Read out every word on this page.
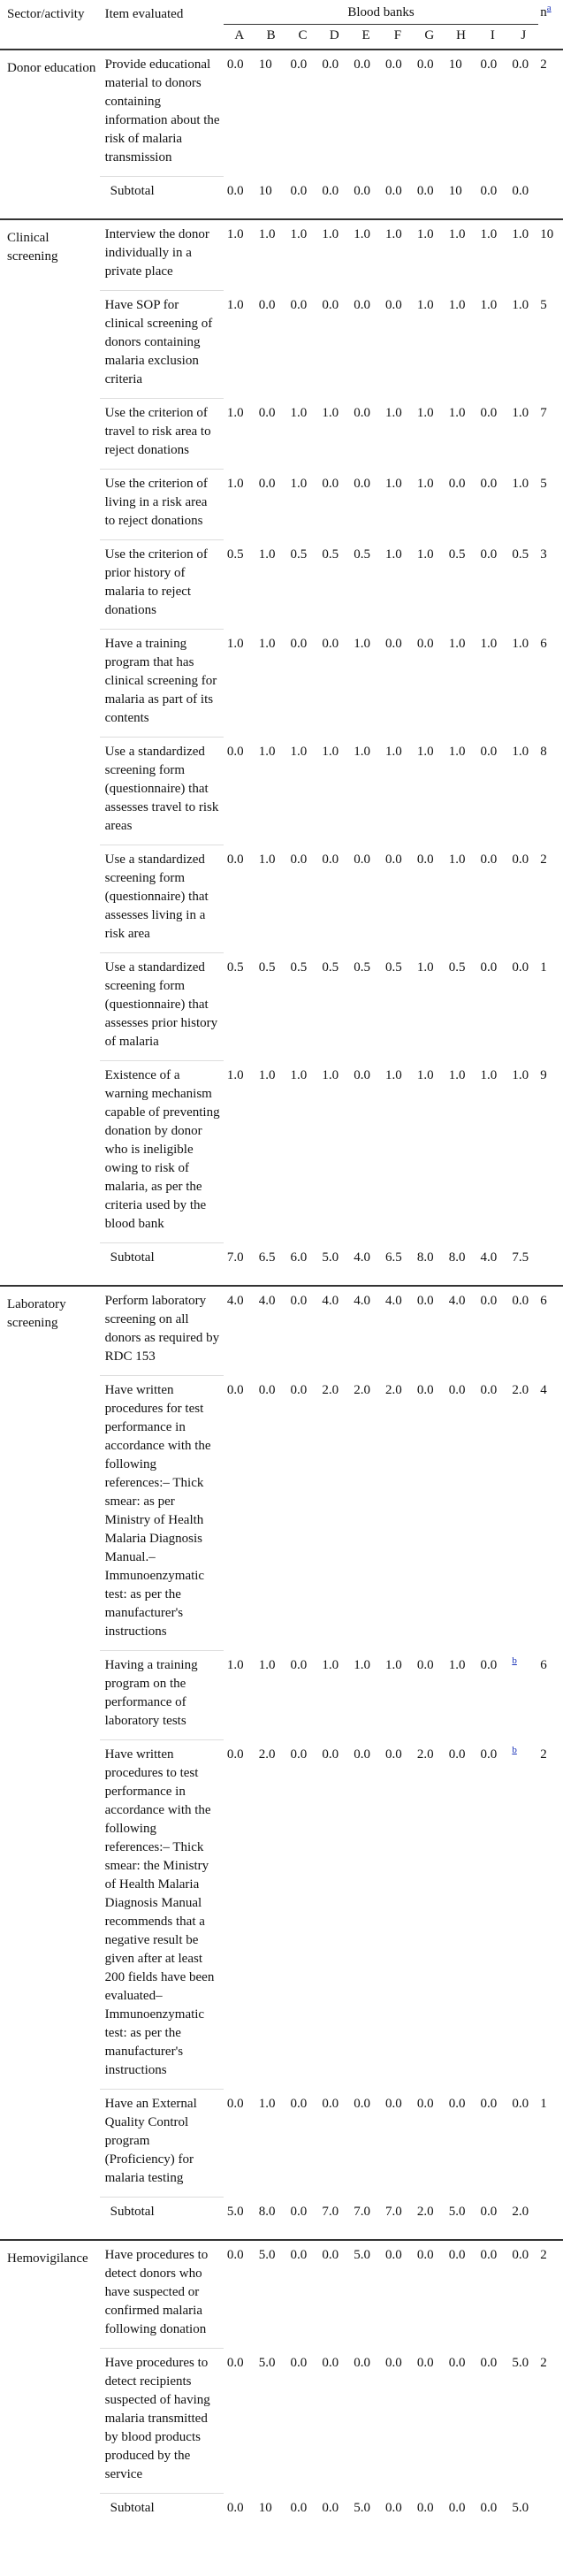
Sector/activity	Item evaluated	Blood banks										n$^a$
		A	B	C	D	E	F	G	H	I	J	
Donor education	Provide educational material to donors containing information about the risk of malaria transmission	0.0	10	0.0	0.0	0.0	0.0	0.0	10	0.0	0.0	2
	Subtotal	0.0	10	0.0	0.0	0.0	0.0	0.0	10	0.0	0.0	

Clinical screening	Interview the donor individually in a private place	1.0	1.0	1.0	1.0	1.0	1.0	1.0	1.0	1.0	1.0	10
	Have SOP for clinical screening of donors containing malaria exclusion criteria	1.0	0.0	0.0	0.0	0.0	0.0	1.0	1.0	1.0	1.0	5
	Use the criterion of travel to risk area to reject donations	1.0	0.0	1.0	1.0	0.0	1.0	1.0	1.0	0.0	1.0	7
	Use the criterion of living in a risk area to reject donations	1.0	0.0	1.0	0.0	0.0	1.0	1.0	0.0	0.0	1.0	5
	Use the criterion of prior history of malaria to reject donations	0.5	1.0	0.5	0.5	0.5	1.0	1.0	0.5	0.0	0.5	3
	Have a training program that has clinical screening for malaria as part of its contents	1.0	1.0	0.0	0.0	1.0	0.0	0.0	1.0	1.0	1.0	6
	Use a standardized screening form (questionnaire) that assesses travel to risk areas	0.0	1.0	1.0	1.0	1.0	1.0	1.0	1.0	0.0	1.0	8
	Use a standardized screening form (questionnaire) that assesses living in a risk area	0.0	1.0	0.0	0.0	0.0	0.0	0.0	1.0	0.0	0.0	2
	Use a standardized screening form (questionnaire) that assesses prior history of malaria	0.5	0.5	0.5	0.5	0.5	0.5	1.0	0.5	0.0	0.0	1
	Existence of a warning mechanism capable of preventing donation by donor who is ineligible owing to risk of malaria, as per the criteria used by the blood bank	1.0	1.0	1.0	1.0	0.0	1.0	1.0	1.0	1.0	1.0	9
	Subtotal	7.0	6.5	6.0	5.0	4.0	6.5	8.0	8.0	4.0	7.5	

Laboratory screening	Perform laboratory screening on all donors as required by RDC 153	4.0	4.0	0.0	4.0	4.0	4.0	0.0	4.0	0.0	0.0	6
	Have written procedures for test performance in accordance with the following references:– Thick smear: as per Ministry of Health Malaria Diagnosis Manual.– Immunoenzymatic test: as per the manufacturer's instructions	0.0	0.0	0.0	2.0	2.0	2.0	0.0	0.0	0.0	2.0	4
	Having a training program on the performance of laboratory tests	1.0	1.0	0.0	1.0	1.0	1.0	0.0	1.0	0.0	$^b$	6
	Have written procedures to test performance in accordance with the following references:– Thick smear: the Ministry of Health Malaria Diagnosis Manual recommends that a negative result be given after at least 200 fields have been evaluated– Immunoenzymatic test: as per the manufacturer's instructions	0.0	2.0	0.0	0.0	0.0	0.0	2.0	0.0	0.0	$^b$	2
	Have an External Quality Control program (Proficiency) for malaria testing	0.0	1.0	0.0	0.0	0.0	0.0	0.0	0.0	0.0	0.0	1
	Subtotal	5.0	8.0	0.0	7.0	7.0	7.0	2.0	5.0	0.0	2.0	

Hemovigilance	Have procedures to detect donors who have suspected or confirmed malaria following donation	0.0	5.0	0.0	0.0	5.0	0.0	0.0	0.0	0.0	0.0	2
	Have procedures to detect recipients suspected of having malaria transmitted by blood products produced by the service	0.0	5.0	0.0	0.0	0.0	0.0	0.0	0.0	0.0	5.0	2
	Subtotal	0.0	10	0.0	0.0	5.0	0.0	0.0	0.0	0.0	5.0	
